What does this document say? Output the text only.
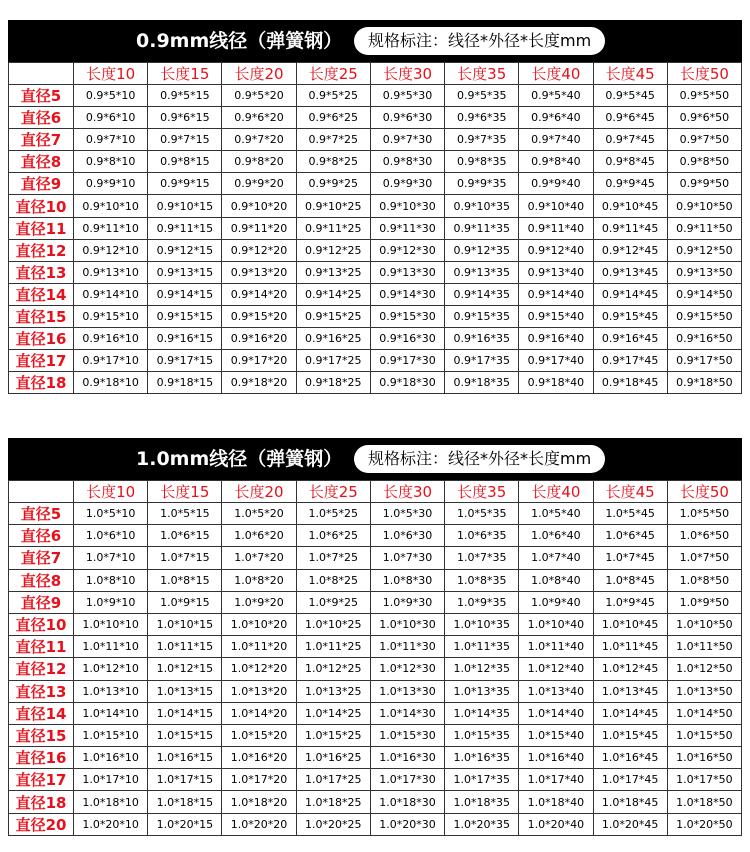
0.9mm线径（弹簧钢）	规格标注：线径*外径*长度mm
	长度10	长度15	长度20	长度25	长度30	长度35	长度40	长度45	长度50
直径5	0.9*5*10	0.9*5*15	0.9*5*20	0.9*5*25	0.9*5*30	0.9*5*35	0.9*5*40	0.9*5*45	0.9*5*50
直径6	0.9*6*10	0.9*6*15	0.9*6*20	0.9*6*25	0.9*6*30	0.9*6*35	0.9*6*40	0.9*6*45	0.9*6*50
直径7	0.9*7*10	0.9*7*15	0.9*7*20	0.9*7*25	0.9*7*30	0.9*7*35	0.9*7*40	0.9*7*45	0.9*7*50
直径8	0.9*8*10	0.9*8*15	0.9*8*20	0.9*8*25	0.9*8*30	0.9*8*35	0.9*8*40	0.9*8*45	0.9*8*50
直径9	0.9*9*10	0.9*9*15	0.9*9*20	0.9*9*25	0.9*9*30	0.9*9*35	0.9*9*40	0.9*9*45	0.9*9*50
直径10	0.9*10*10	0.9*10*15	0.9*10*20	0.9*10*25	0.9*10*30	0.9*10*35	0.9*10*40	0.9*10*45	0.9*10*50
直径11	0.9*11*10	0.9*11*15	0.9*11*20	0.9*11*25	0.9*11*30	0.9*11*35	0.9*11*40	0.9*11*45	0.9*11*50
直径12	0.9*12*10	0.9*12*15	0.9*12*20	0.9*12*25	0.9*12*30	0.9*12*35	0.9*12*40	0.9*12*45	0.9*12*50
直径13	0.9*13*10	0.9*13*15	0.9*13*20	0.9*13*25	0.9*13*30	0.9*13*35	0.9*13*40	0.9*13*45	0.9*13*50
直径14	0.9*14*10	0.9*14*15	0.9*14*20	0.9*14*25	0.9*14*30	0.9*14*35	0.9*14*40	0.9*14*45	0.9*14*50
直径15	0.9*15*10	0.9*15*15	0.9*15*20	0.9*15*25	0.9*15*30	0.9*15*35	0.9*15*40	0.9*15*45	0.9*15*50
直径16	0.9*16*10	0.9*16*15	0.9*16*20	0.9*16*25	0.9*16*30	0.9*16*35	0.9*16*40	0.9*16*45	0.9*16*50
直径17	0.9*17*10	0.9*17*15	0.9*17*20	0.9*17*25	0.9*17*30	0.9*17*35	0.9*17*40	0.9*17*45	0.9*17*50
直径18	0.9*18*10	0.9*18*15	0.9*18*20	0.9*18*25	0.9*18*30	0.9*18*35	0.9*18*40	0.9*18*45	0.9*18*50
1.0mm线径（弹簧钢）	规格标注：线径*外径*长度mm
	长度10	长度15	长度20	长度25	长度30	长度35	长度40	长度45	长度50
直径5	1.0*5*10	1.0*5*15	1.0*5*20	1.0*5*25	1.0*5*30	1.0*5*35	1.0*5*40	1.0*5*45	1.0*5*50
直径6	1.0*6*10	1.0*6*15	1.0*6*20	1.0*6*25	1.0*6*30	1.0*6*35	1.0*6*40	1.0*6*45	1.0*6*50
直径7	1.0*7*10	1.0*7*15	1.0*7*20	1.0*7*25	1.0*7*30	1.0*7*35	1.0*7*40	1.0*7*45	1.0*7*50
直径8	1.0*8*10	1.0*8*15	1.0*8*20	1.0*8*25	1.0*8*30	1.0*8*35	1.0*8*40	1.0*8*45	1.0*8*50
直径9	1.0*9*10	1.0*9*15	1.0*9*20	1.0*9*25	1.0*9*30	1.0*9*35	1.0*9*40	1.0*9*45	1.0*9*50
直径10	1.0*10*10	1.0*10*15	1.0*10*20	1.0*10*25	1.0*10*30	1.0*10*35	1.0*10*40	1.0*10*45	1.0*10*50
直径11	1.0*11*10	1.0*11*15	1.0*11*20	1.0*11*25	1.0*11*30	1.0*11*35	1.0*11*40	1.0*11*45	1.0*11*50
直径12	1.0*12*10	1.0*12*15	1.0*12*20	1.0*12*25	1.0*12*30	1.0*12*35	1.0*12*40	1.0*12*45	1.0*12*50
直径13	1.0*13*10	1.0*13*15	1.0*13*20	1.0*13*25	1.0*13*30	1.0*13*35	1.0*13*40	1.0*13*45	1.0*13*50
直径14	1.0*14*10	1.0*14*15	1.0*14*20	1.0*14*25	1.0*14*30	1.0*14*35	1.0*14*40	1.0*14*45	1.0*14*50
直径15	1.0*15*10	1.0*15*15	1.0*15*20	1.0*15*25	1.0*15*30	1.0*15*35	1.0*15*40	1.0*15*45	1.0*15*50
直径16	1.0*16*10	1.0*16*15	1.0*16*20	1.0*16*25	1.0*16*30	1.0*16*35	1.0*16*40	1.0*16*45	1.0*16*50
直径17	1.0*17*10	1.0*17*15	1.0*17*20	1.0*17*25	1.0*17*30	1.0*17*35	1.0*17*40	1.0*17*45	1.0*17*50
直径18	1.0*18*10	1.0*18*15	1.0*18*20	1.0*18*25	1.0*18*30	1.0*18*35	1.0*18*40	1.0*18*45	1.0*18*50
直径20	1.0*20*10	1.0*20*15	1.0*20*20	1.0*20*25	1.0*20*30	1.0*20*35	1.0*20*40	1.0*20*45	1.0*20*50
